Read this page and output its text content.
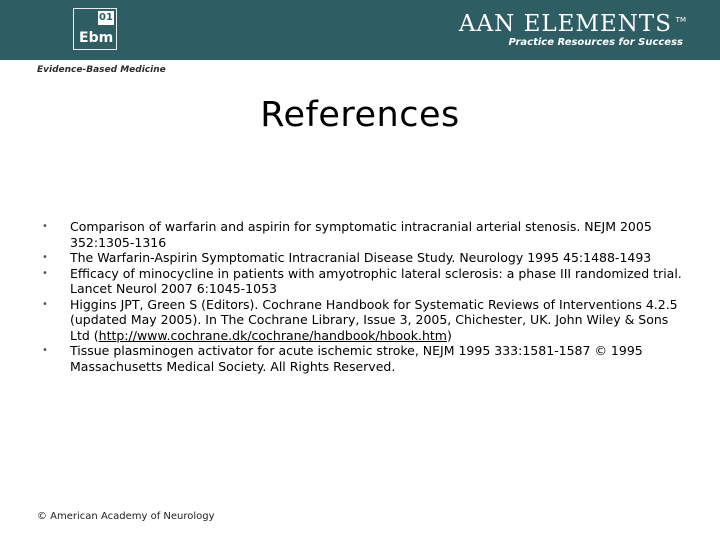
01
Ebm
AAN ELEMENTS TM
Practice Resources for Success
Evidence-Based Medicine
References
• Comparison of warfarin and aspirin for symptomatic intracranial arterial stenosis. NEJM 2005 352:1305-1316
• The Warfarin-Aspirin Symptomatic Intracranial Disease Study. Neurology 1995 45:1488-1493
• Efficacy of minocycline in patients with amyotrophic lateral sclerosis: a phase III randomized trial. Lancet Neurol 2007 6:1045-1053
• Higgins JPT, Green S (Editors). Cochrane Handbook for Systematic Reviews of Interventions 4.2.5 (updated May 2005). In The Cochrane Library, Issue 3, 2005, Chichester, UK. John Wiley & Sons Ltd (http://www.cochrane.dk/cochrane/handbook/hbook.htm)
• Tissue plasminogen activator for acute ischemic stroke, NEJM 1995 333:1581-1587 © 1995 Massachusetts Medical Society. All Rights Reserved.
© American Academy of Neurology
